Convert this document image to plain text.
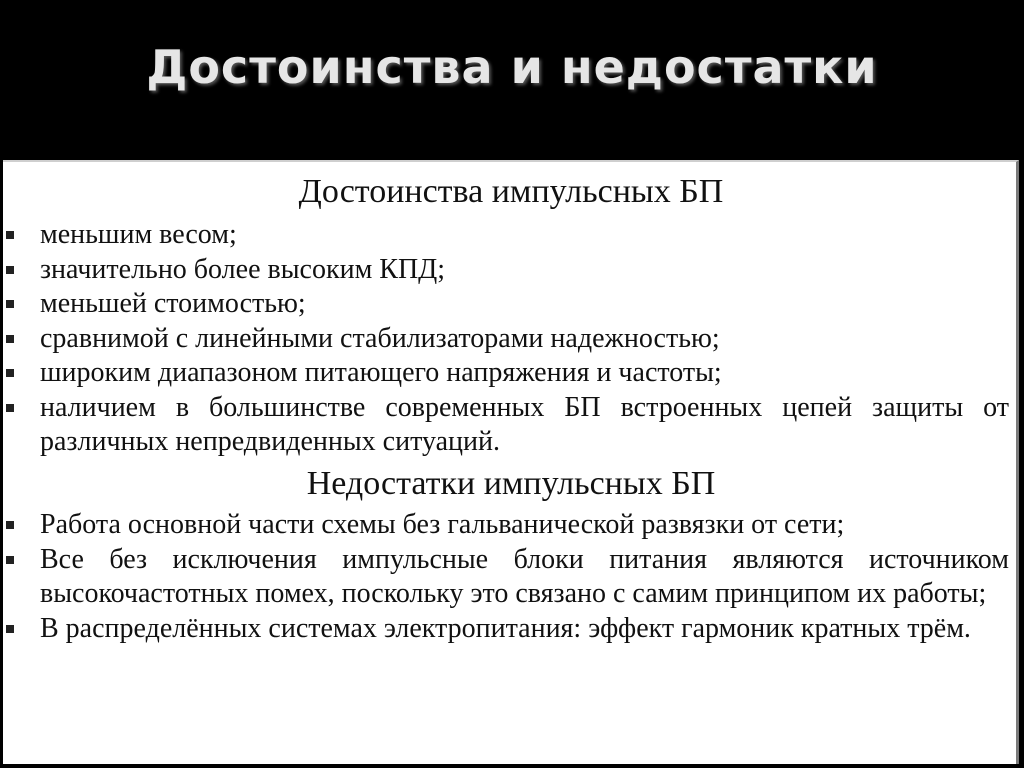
Достоинства и недостатки
Достоинства импульсных БП
меньшим весом;
значительно более высоким КПД;
меньшей стоимостью;
сравнимой с линейными стабилизаторами надежностью;
широким диапазоном питающего напряжения и частоты;
наличием в большинстве современных БП встроенных цепей защиты от различных непредвиденных ситуаций.
Недостатки импульсных БП
Работа основной части схемы без гальванической развязки от сети;
Все без исключения импульсные блоки питания являются источником высокочастотных помех, поскольку это связано с самим принципом их работы;
В распределённых системах электропитания: эффект гармоник кратных трём.
